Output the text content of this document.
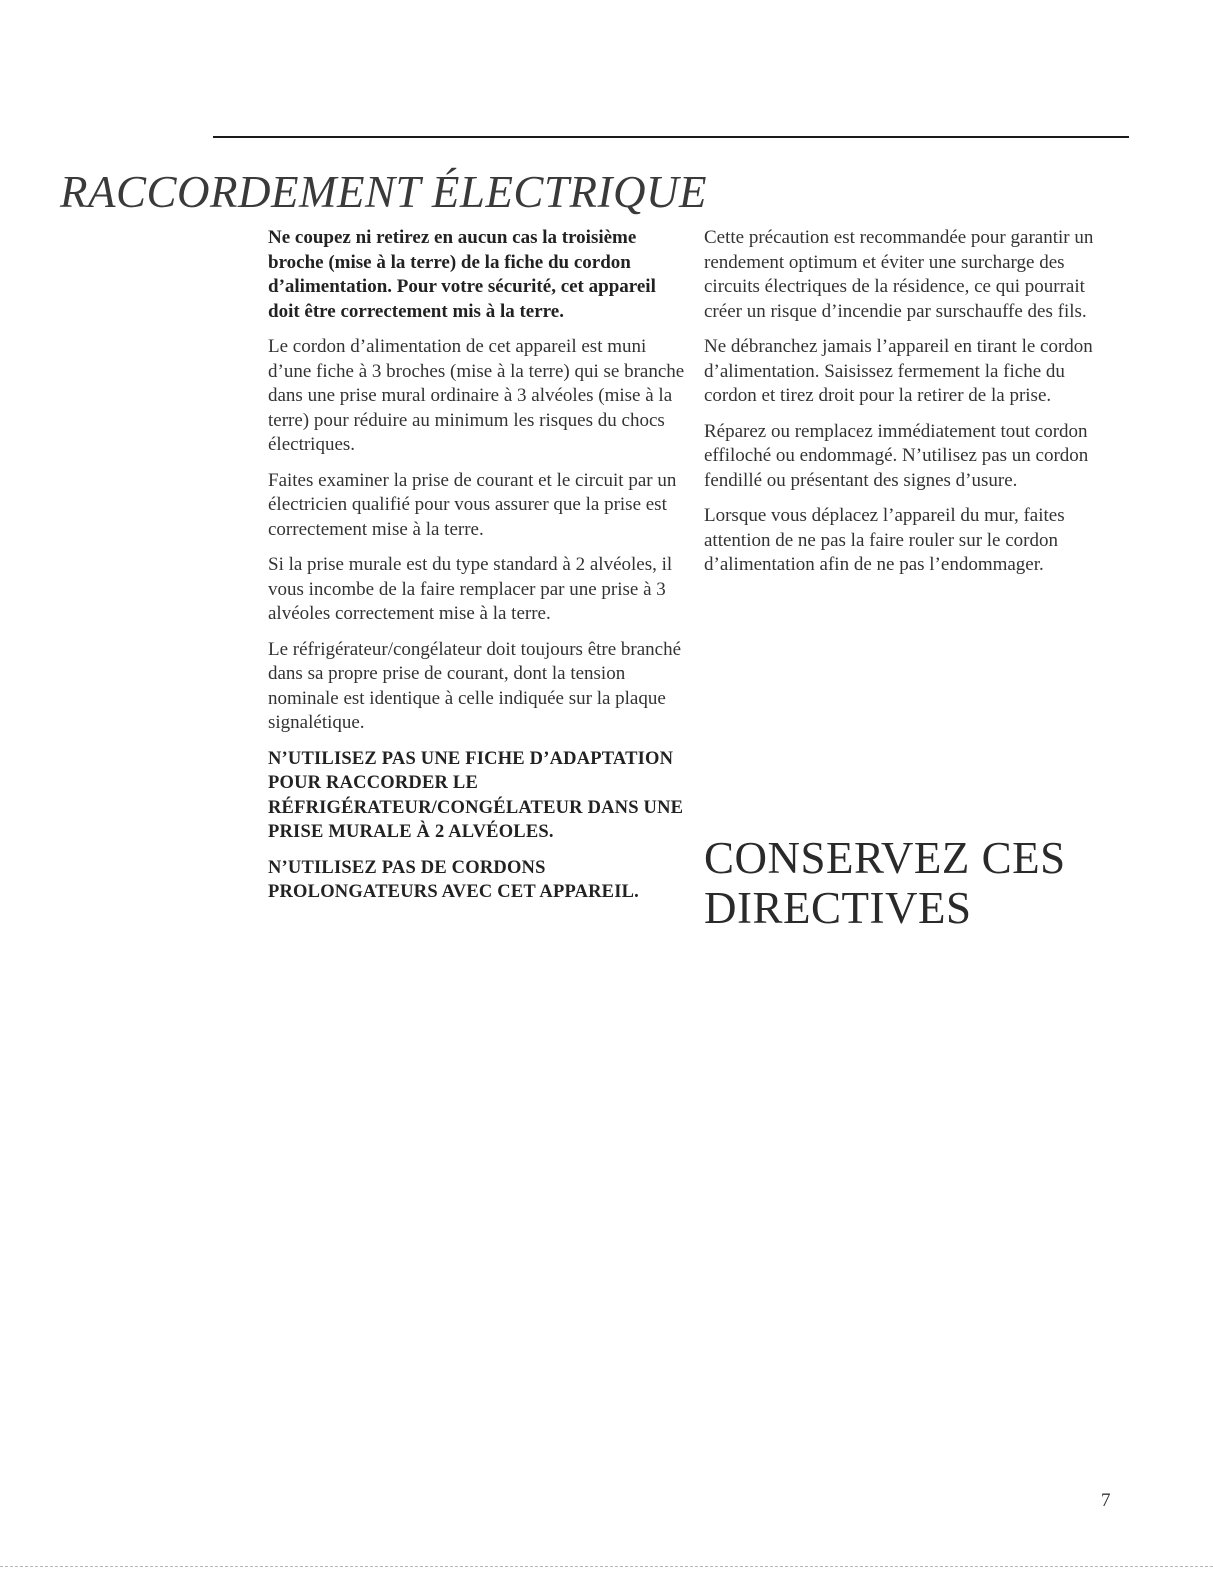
RACCORDEMENT ÉLECTRIQUE

Ne coupez ni retirez en aucun cas la troisième broche (mise à la terre) de la fiche du cordon d’alimentation. Pour votre sécurité, cet appareil doit être correctement mis à la terre.

Le cordon d’alimentation de cet appareil est muni d’une fiche à 3 broches (mise à la terre) qui se branche dans une prise mural ordinaire à 3 alvéoles (mise à la terre) pour réduire au minimum les risques du chocs électriques.

Faites examiner la prise de courant et le circuit par un électricien qualifié pour vous assurer que la prise est correctement mise à la terre.

Si la prise murale est du type standard à 2 alvéoles, il vous incombe de la faire remplacer par une prise à 3 alvéoles correctement mise à la terre.

Le réfrigérateur/congélateur doit toujours être branché dans sa propre prise de courant, dont la tension nominale est identique à celle indiquée sur la plaque signalétique.

N’UTILISEZ PAS UNE FICHE D’ADAPTATION POUR RACCORDER LE RÉFRIGÉRATEUR/CONGÉLATEUR DANS UNE PRISE MURALE À 2 ALVÉOLES.

N’UTILISEZ PAS DE CORDONS PROLONGATEURS AVEC CET APPAREIL.

Cette précaution est recommandée pour garantir un rendement optimum et éviter une surcharge des circuits électriques de la résidence, ce qui pourrait créer un risque d’incendie par surschauffe des fils.

Ne débranchez jamais l’appareil en tirant le cordon d’alimentation. Saisissez fermement la fiche du cordon et tirez droit pour la retirer de la prise.

Réparez ou remplacez immédiatement tout cordon effiloché ou endommagé. N’utilisez pas un cordon fendillé ou présentant des signes d’usure.

Lorsque vous déplacez l’appareil du mur, faites attention de ne pas la faire rouler sur le cordon d’alimentation afin de ne pas l’endommager.

CONSERVEZ CES DIRECTIVES
7
